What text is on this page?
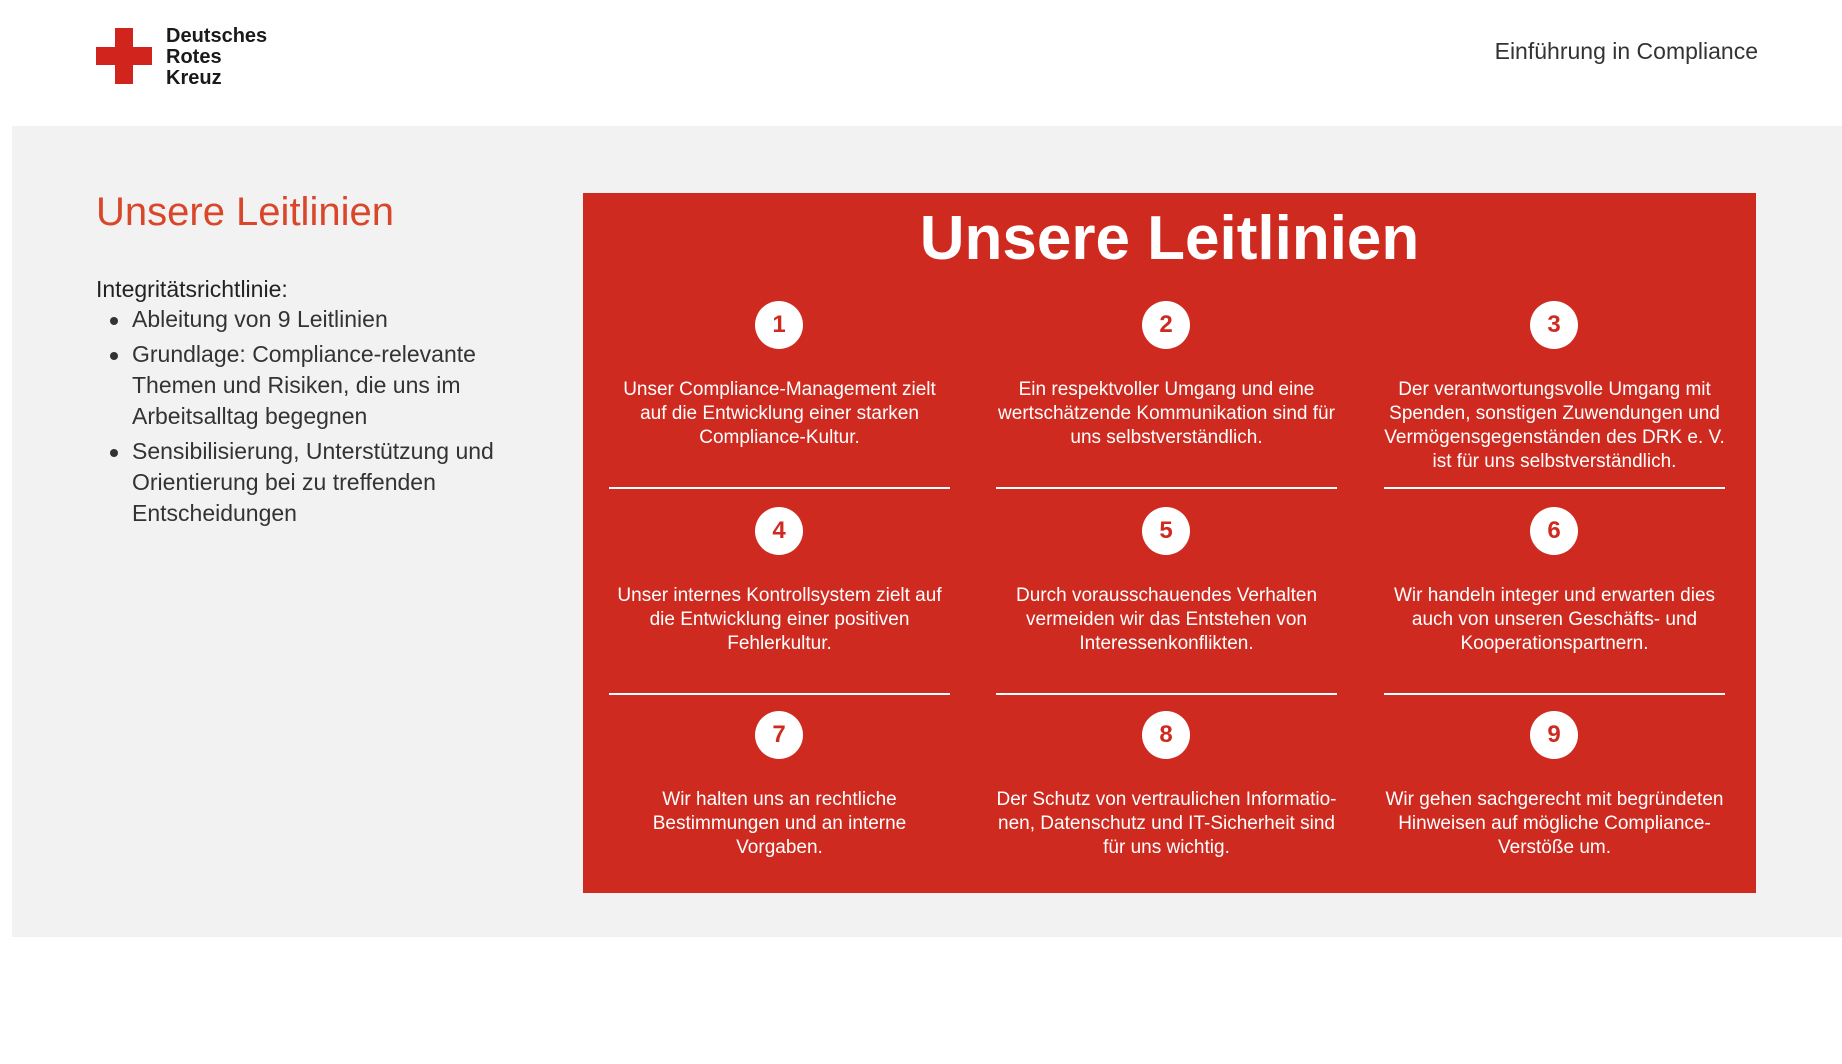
Deutsches
Rotes
Kreuz
Einführung in Compliance
Unsere Leitlinien
Integritätsrichtlinie:
Ableitung von 9 Leitlinien
Grundlage: Compliance-relevante Themen und Risiken, die uns im Arbeitsalltag begegnen
Sensibilisierung, Unterstützung und Orientierung bei zu treffenden Entscheidungen
Unsere Leitlinien
1
Unser Compliance-Management zielt auf die Entwicklung einer starken Compliance-Kultur.
2
Ein respektvoller Umgang und eine wertschätzende Kommunikation sind für uns selbstverständlich.
3
Der verantwortungsvolle Umgang mit Spenden, sonstigen Zuwendungen und Vermögensgegenständen des DRK e. V. ist für uns selbstverständlich.
4
Unser internes Kontrollsystem zielt auf die Entwicklung einer positiven Fehlerkultur.
5
Durch vorausschauendes Verhalten vermeiden wir das Entstehen von Interessenkonflikten.
6
Wir handeln integer und erwarten dies auch von unseren Geschäfts- und Kooperationspartnern.
7
Wir halten uns an rechtliche Bestimmungen und an interne Vorgaben.
8
Der Schutz von vertraulichen Informatio-nen, Datenschutz und IT-Sicherheit sind für uns wichtig.
9
Wir gehen sachgerecht mit begründeten Hinweisen auf mögliche Compliance-Verstöße um.
